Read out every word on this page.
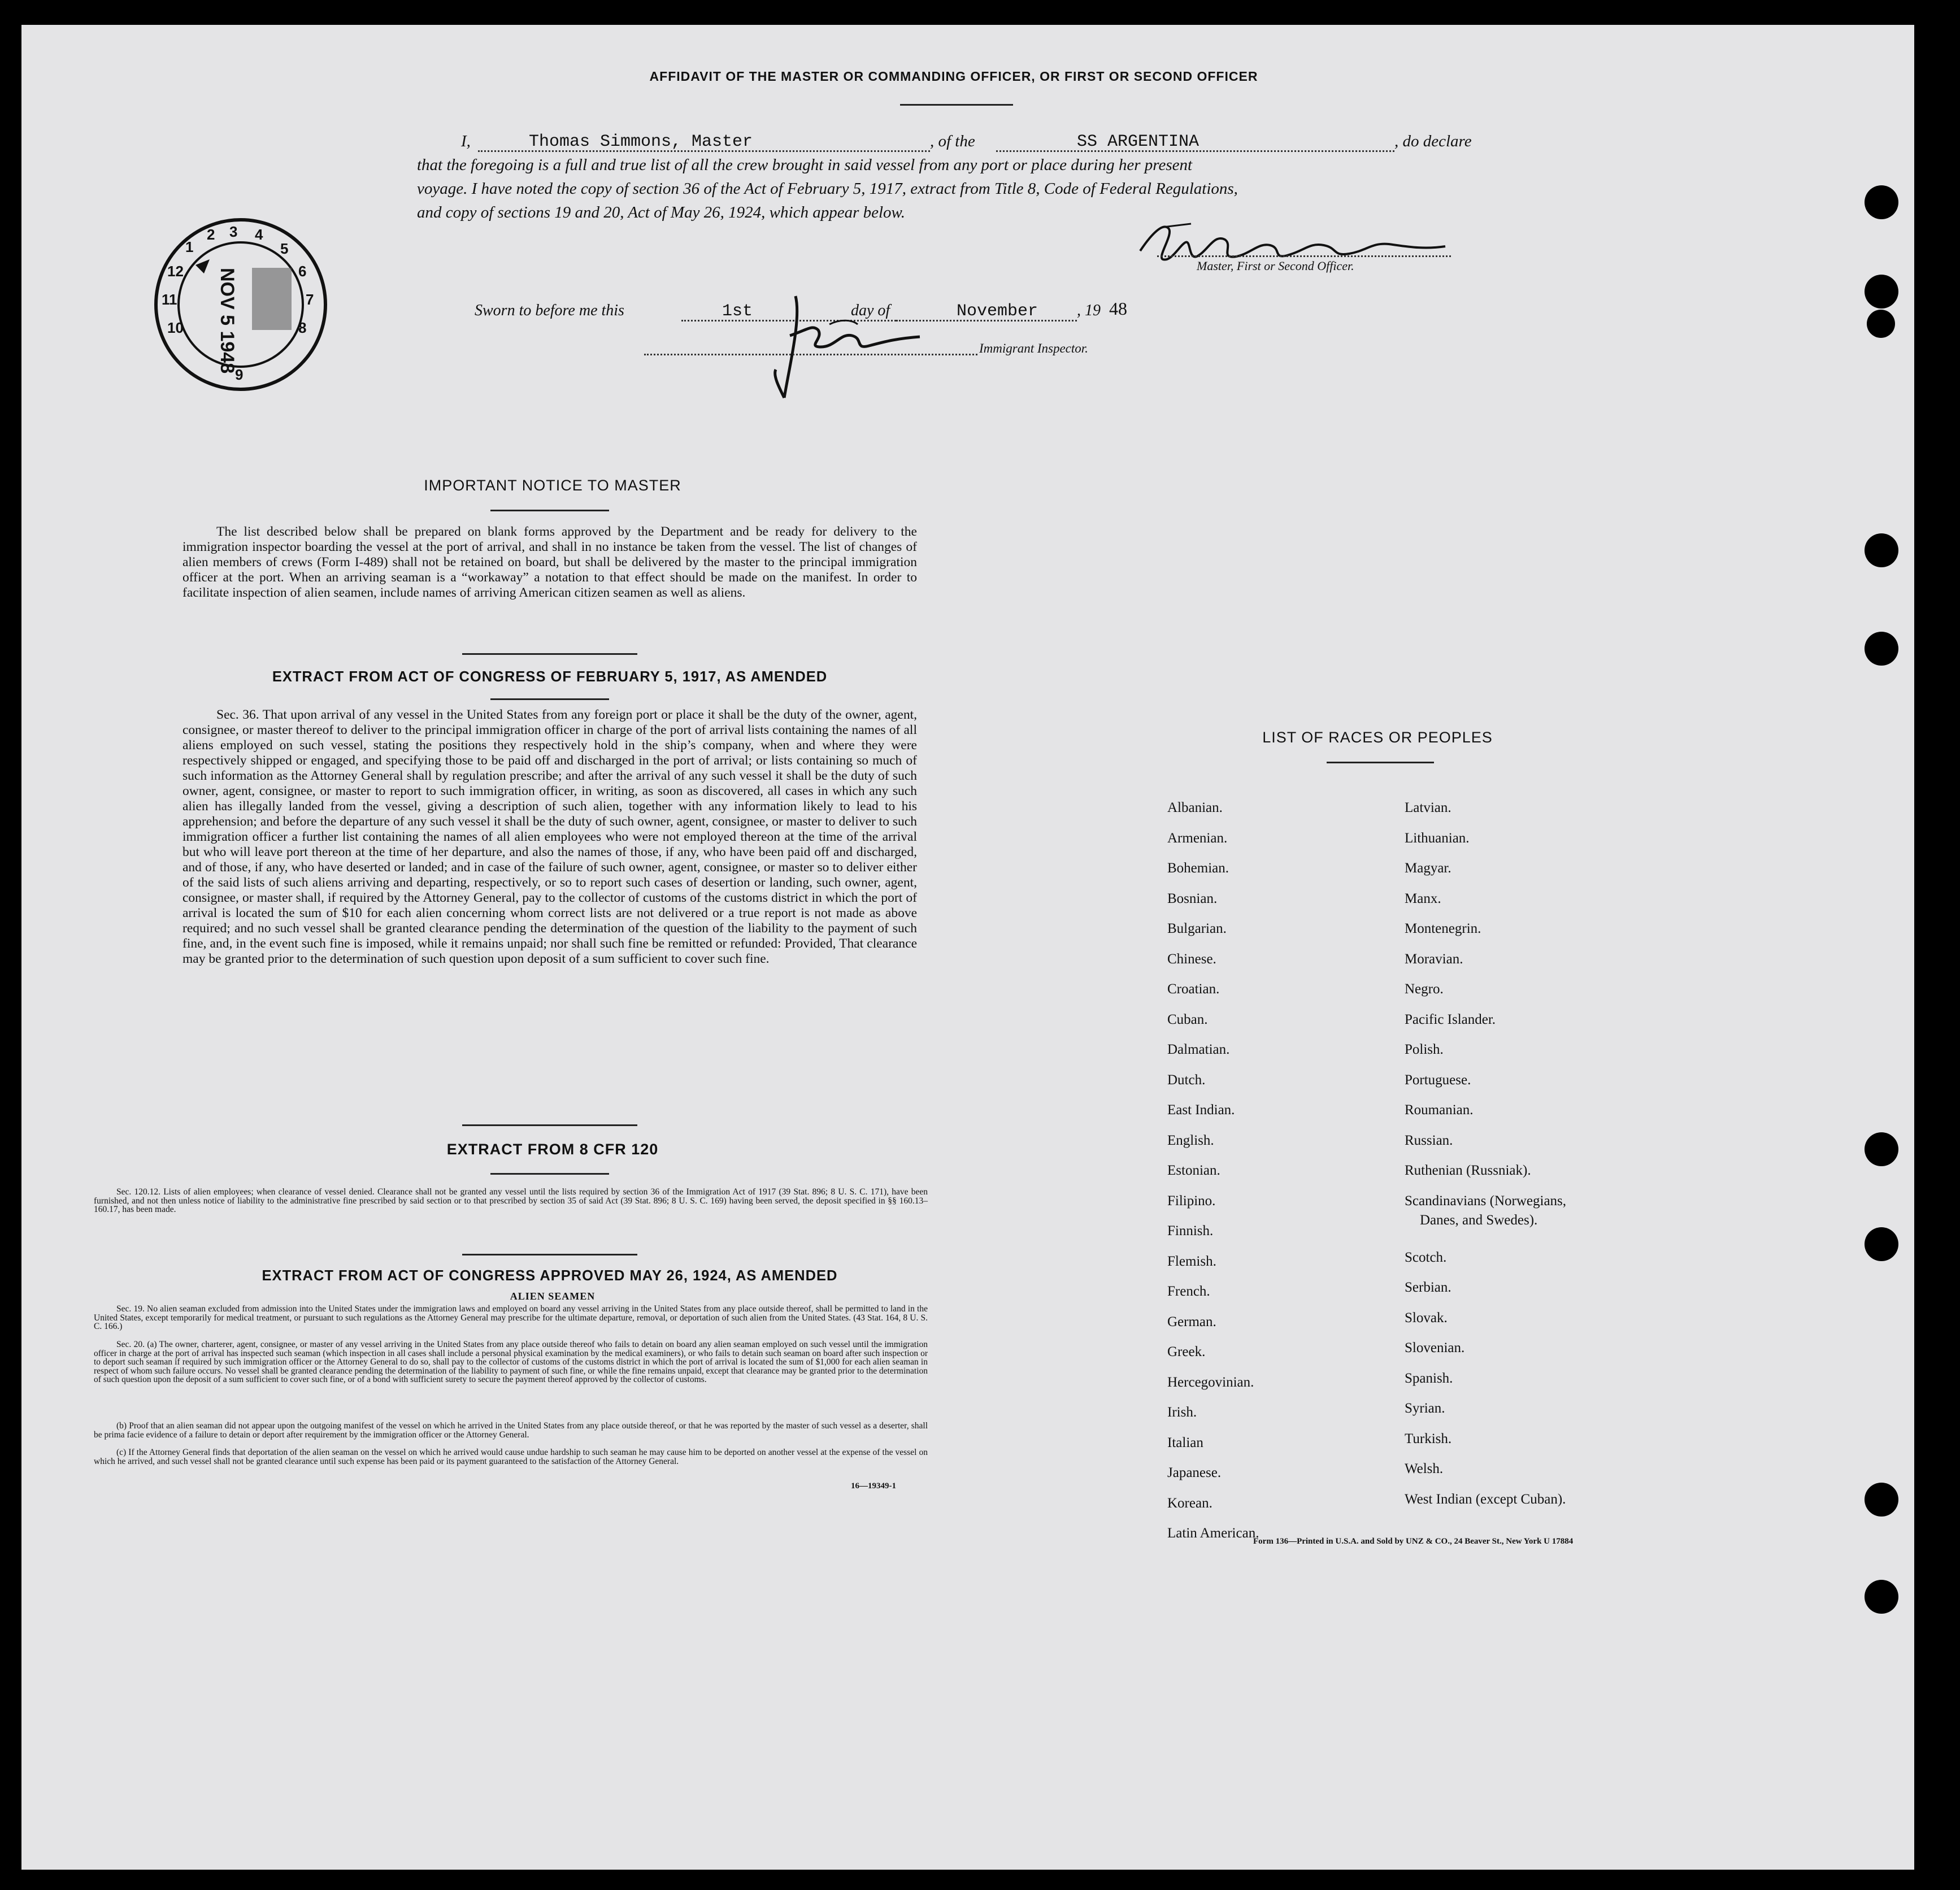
AFFIDAVIT OF THE MASTER OR COMMANDING OFFICER, OR FIRST OR SECOND OFFICER
I,	Thomas Simmons, Master	, of the	SS ARGENTINA	, do declare
that the foregoing is a full and true list of all the crew brought in said vessel from any port or place during her present
voyage. I have noted the copy of section 36 of the Act of February 5, 1917, extract from Title 8, Code of Federal Regulations,
and copy of sections 19 and 20, Act of May 26, 1924, which appear below.
Master, First or Second Officer.
3 4
5
6
7
8
2
1
12
11
10
9
NOV 5 1948	Sworn to before me this	1st	day of	November , 19 48
Immigrant Inspector.
IMPORTANT NOTICE TO MASTER
The list described below shall be prepared on blank forms approved by the Department and be ready for delivery to the immigration inspector boarding the vessel at the port of arrival, and shall in no instance be taken from the vessel. The list of changes of alien members of crews (Form I-489) shall not be retained on board, but shall be delivered by the master to the principal immigration officer at the port. When an arriving seaman is a “workaway” a notation to that effect should be made on the manifest. In order to facilitate inspection of alien seamen, include names of arriving American citizen seamen as well as aliens.
EXTRACT FROM ACT OF CONGRESS OF FEBRUARY 5, 1917, AS AMENDED
Sec. 36. That upon arrival of any vessel in the United States from any foreign port or place it shall be the duty of the owner, agent, consignee, or master thereof to deliver to the principal immigration officer in charge of the port of arrival lists containing the names of all aliens employed on such vessel, stating the positions they respectively hold in the ship’s company, when and where they were respectively shipped or engaged, and specifying those to be paid off and discharged in the port of arrival; or lists containing so much of such information as the Attorney General shall by regulation prescribe; and after the arrival of any such vessel it shall be the duty of such owner, agent, consignee, or master to report to such immigration officer, in writing, as soon as discovered, all cases in which any such alien has illegally landed from the vessel, giving a description of such alien, together with any information likely to lead to his apprehension; and before the departure of any such vessel it shall be the duty of such owner, agent, consignee, or master to deliver to such immigration officer a further list containing the names of all alien employees who were not employed thereon at the time of the arrival but who will leave port thereon at the time of her departure, and also the names of those, if any, who have been paid off and discharged, and of those, if any, who have deserted or landed; and in case of the failure of such owner, agent, consignee, or master so to deliver either of the said lists of such aliens arriving and departing, respectively, or so to report such cases of desertion or landing, such owner, agent, consignee, or master shall, if required by the Attorney General, pay to the collector of customs of the customs district in which the port of arrival is located the sum of $10 for each alien concerning whom correct lists are not delivered or a true report is not made as above required; and no such vessel shall be granted clearance pending the determination of the question of the liability to the payment of such fine, and, in the event such fine is imposed, while it remains unpaid; nor shall such fine be remitted or refunded: Provided, That clearance may be granted prior to the determination of such question upon deposit of a sum sufficient to cover such fine.
EXTRACT FROM 8 CFR 120
Sec. 120.12. Lists of alien employees; when clearance of vessel denied. Clearance shall not be granted any vessel until the lists required by section 36 of the Immigration Act of 1917 (39 Stat. 896; 8 U. S. C. 171), have been furnished, and not then unless notice of liability to the administrative fine prescribed by said section or to that prescribed by section 35 of said Act (39 Stat. 896; 8 U. S. C. 169) having been served, the deposit specified in §§ 160.13–160.17, has been made.
EXTRACT FROM ACT OF CONGRESS APPROVED MAY 26, 1924, AS AMENDED
ALIEN SEAMEN
Sec. 19. No alien seaman excluded from admission into the United States under the immigration laws and employed on board any vessel arriving in the United States from any place outside thereof, shall be permitted to land in the United States, except temporarily for medical treatment, or pursuant to such regulations as the Attorney General may prescribe for the ultimate departure, removal, or deportation of such alien from the United States. (43 Stat. 164, 8 U. S. C. 166.)
Sec. 20. (a) The owner, charterer, agent, consignee, or master of any vessel arriving in the United States from any place outside thereof who fails to detain on board any alien seaman employed on such vessel until the immigration officer in charge at the port of arrival has inspected such seaman (which inspection in all cases shall include a personal physical examination by the medical examiners), or who fails to detain such seaman on board after such inspection or to deport such seaman if required by such immigration officer or the Attorney General to do so, shall pay to the collector of customs of the customs district in which the port of arrival is located the sum of $1,000 for each alien seaman in respect of whom such failure occurs. No vessel shall be granted clearance pending the determination of the liability to payment of such fine, or while the fine remains unpaid, except that clearance may be granted prior to the determination of such question upon the deposit of a sum sufficient to cover such fine, or of a bond with sufficient surety to secure the payment thereof approved by the collector of customs.
(b) Proof that an alien seaman did not appear upon the outgoing manifest of the vessel on which he arrived in the United States from any place outside thereof, or that he was reported by the master of such vessel as a deserter, shall be prima facie evidence of a failure to detain or deport after requirement by the immigration officer or the Attorney General.
(c) If the Attorney General finds that deportation of the alien seaman on the vessel on which he arrived would cause undue hardship to such seaman he may cause him to be deported on another vessel at the expense of the vessel on which he arrived, and such vessel shall not be granted clearance until such expense has been paid or its payment guaranteed to the satisfaction of the Attorney General.
16—19349-1
LIST OF RACES OR PEOPLES
Form 136—Printed in U.S.A. and Sold by UNZ & CO., 24 Beaver St., New York U 17884
Albanian.
Armenian.
Bohemian.
Bosnian.
Bulgarian.
Chinese.
Croatian.
Cuban.
Dalmatian.
Dutch.
East Indian.
English.
Estonian.
Filipino.
Finnish.
Flemish.
French.
German.
Greek.
Hercegovinian.
Irish.
Italian
Japanese.
Korean.
Latin American.
Latvian.
Lithuanian.
Magyar.
Manx.
Montenegrin.
Moravian.
Negro.
Pacific Islander.
Polish.
Portuguese.
Roumanian.
Russian.
Ruthenian (Russniak).
Scandinavians (Norwegians,
Danes, and Swedes).
Scotch.
Serbian.
Slovak.
Slovenian.
Spanish.
Syrian.
Turkish.
Welsh.
West Indian (except Cuban).
